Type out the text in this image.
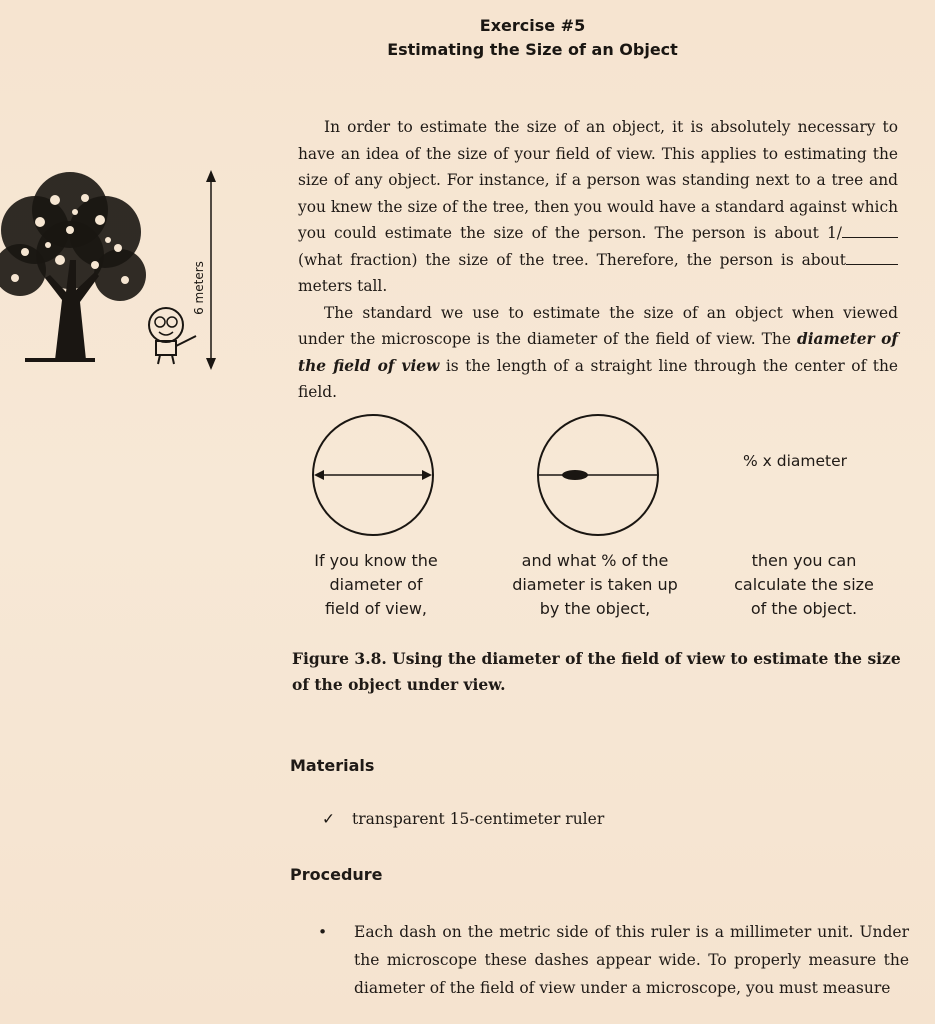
Exercise #5
Estimating the Size of an Object
6 meters

In order to estimate the size of an object, it is absolutely necessary to have an idea of the size of your field of view. This applies to estimating the size of any object. For instance, if a person was standing next to a tree and you knew the size of the tree, then you would have a standard against which you could estimate the size of the person. The person is about 1/ (what fraction) the size of the tree. Therefore, the person is about meters tall.

The standard we use to estimate the size of an object when viewed under the microscope is the diameter of the field of view. The diameter of the field of view is the length of a straight line through the center of the field.

% x diameter
If you know the
diameter of
field of view,
and what % of the
diameter is taken up
by the object,
then you can
calculate the size
of the object.
Figure 3.8. Using the diameter of the field of view to estimate the size of the object under view.
Materials
✓ transparent 15-centimeter ruler
Procedure
• Each dash on the metric side of this ruler is a millimeter unit. Under the microscope these dashes appear wide. To properly measure the diameter of the field of view under a microscope, you must measure
